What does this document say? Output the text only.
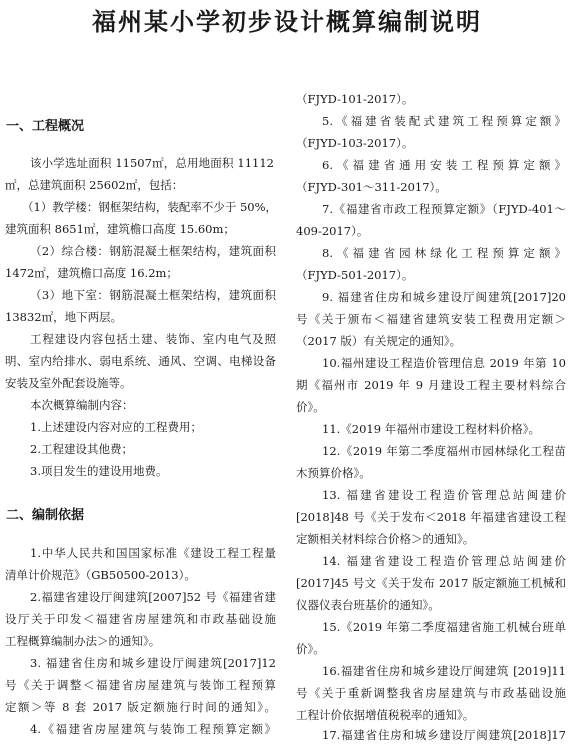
福州某小学初步设计概算编制说明
一、工程概况
该小学选址面积 11507㎡，总用地面积 11112
㎡，总建筑面积 25602㎡，包括：
（1）教学楼：钢框架结构，装配率不少于 50%，
建筑面积 8651㎡，建筑檐口高度 15.60m；
（2）综合楼：钢筋混凝土框架结构，建筑面积
1472㎡，建筑檐口高度 16.2m；
（3）地下室：钢筋混凝土框架结构，建筑面积
13832㎡，地下两层。
工程建设内容包括土建、装饰、室内电气及照
明、室内给排水、弱电系统、通风、空调、电梯设备
安装及室外配套设施等。
本次概算编制内容：
1.上述建设内容对应的工程费用；
2.工程建设其他费；
3.项目发生的建设用地费。
二、编制依据
1.中华人民共和国国家标准《建设工程工程量
清单计价规范》（GB50500-2013）。
2.福建省建设厅闽建筑[2007]52 号《福建省建
设厅关于印发＜福建省房屋建筑和市政基础设施
工程概算编制办法＞的通知》。
3. 福建省住房和城乡建设厅闽建筑[2017]12
号《关于调整＜福建省房屋建筑与装饰工程预算
定额＞等 8 套 2017 版定额施行时间的通知》。
4.《福建省房屋建筑与装饰工程预算定额》
（FJYD-101-2017）。
5.《福建省装配式建筑工程预算定额》
（FJYD-103-2017）。
6.《福建省通用安装工程预算定额》
（FJYD-301～311-2017）。
7.《福建省市政工程预算定额》（FJYD-401～
409-2017）。
8.《福建省园林绿化工程预算定额》
（FJYD-501-2017）。
9. 福建省住房和城乡建设厅闽建筑[2017]20
号《关于颁布＜福建省建筑安装工程费用定额＞
（2017 版）有关规定的通知》。
10.福州建设工程造价管理信息 2019 年第 10
期《福州市 2019 年 9 月建设工程主要材料综合
价》。
11.《2019 年福州市建设工程材料价格》。
12.《2019 年第二季度福州市园林绿化工程苗
木预算价格》。
13. 福建省建设工程造价管理总站闽建价
[2018]48 号《关于发布＜2018 年福建省建设工程
定额相关材料综合价格＞的通知》。
14. 福建省建设工程造价管理总站闽建价
[2017]45 号文《关于发布 2017 版定额施工机械和
仪器仪表台班基价的通知》。
15.《2019 年第二季度福建省施工机械台班单
价》。
16.福建省住房和城乡建设厅闽建筑 [2019]11
号《关于重新调整我省房屋建筑与市政基础设施
工程计价依据增值税税率的通知》。
17.福建省住房和城乡建设厅闽建筑[2018]17
